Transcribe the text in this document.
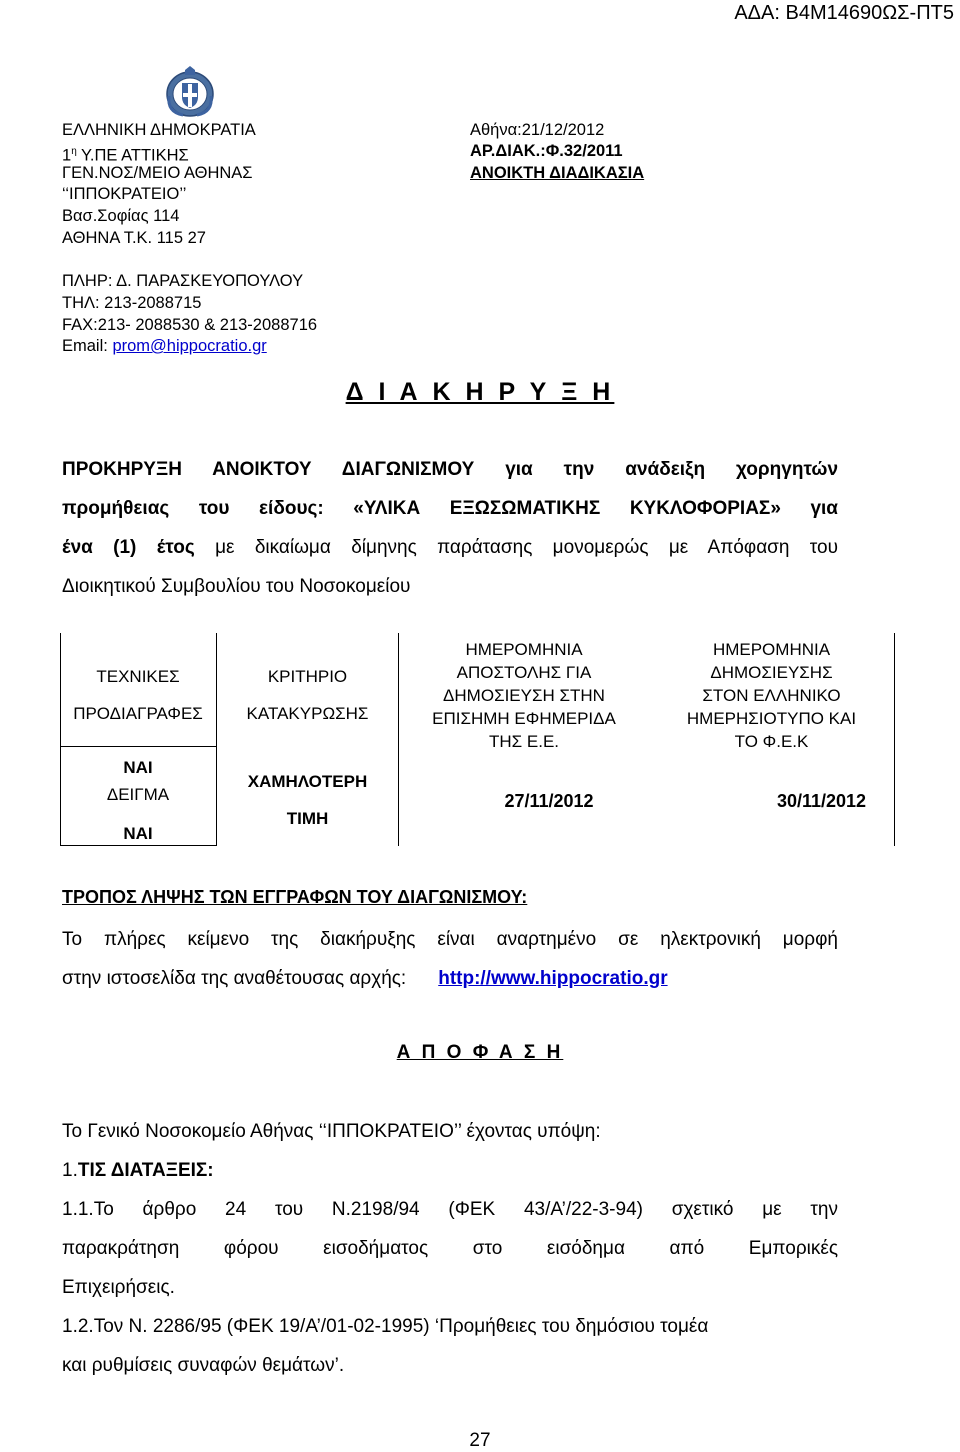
ΑΔΑ: Β4Μ14690ΩΣ-ΠΤ5
ΕΛΛΗΝΙΚΗ ΔΗΜΟΚΡΑΤΙΑ
$1^\eta$ Υ.ΠΕ ΑΤΤΙΚΗΣ
ΓΕΝ.ΝΟΣ/ΜΕΙΟ ΑΘΗΝΑΣ
‘‘ΙΠΠΟΚΡΑΤΕΙΟ’’
Βασ.Σοφίας 114
ΑΘΗΝΑ Τ.Κ. 115 27
ΠΛΗΡ: Δ. ΠΑΡΑΣΚΕΥΟΠΟΥΛΟΥ
ΤΗΛ: 213-2088715
FAX:213- 2088530 & 213-2088716
Email: prom@hippocratio.gr
Αθήνα:21/12/2012
ΑΡ.ΔΙΑΚ.:Φ.32/2011
ΑΝΟΙΚΤΗ ΔΙΑΔΙΚΑΣΙΑ
Δ Ι Α Κ Η Ρ Υ Ξ Η
ΠΡΟΚΗΡΥΞΗ ΑΝΟΙΚΤΟΥ ΔΙΑΓΩΝΙΣΜΟΥ για την ανάδειξη χορηγητών
προμήθειας του είδους: «ΥΛΙΚΑ ΕΞΩΣΩΜΑΤΙΚΗΣ ΚΥΚΛΟΦΟΡΙΑΣ» για
ένα (1) έτος με δικαίωμα δίμηνης παράτασης μονομερώς με Απόφαση του
Διοικητικού Συμβουλίου του Νοσοκομείου
ΤΕΧΝΙΚΕΣ
ΠΡΟΔΙΑΓΡΑΦΕΣ
ΚΡΙΤΗΡΙΟ
ΚΑΤΑΚΥΡΩΣΗΣ
ΗΜΕΡΟΜΗΝΙΑ
ΑΠΟΣΤΟΛΗΣ ΓΙΑ
ΔΗΜΟΣΙΕΥΣΗ ΣΤΗΝ
ΕΠΙΣΗΜΗ ΕΦΗΜΕΡΙΔΑ
ΤΗΣ Ε.Ε.
ΗΜΕΡΟΜΗΝΙΑ
ΔΗΜΟΣΙΕΥΣΗΣ
ΣΤΟΝ ΕΛΛΗΝΙΚΟ
ΗΜΕΡΗΣΙΟΤΥΠΟ ΚΑΙ
ΤΟ Φ.Ε.Κ
ΝΑΙ
ΔΕΙΓΜΑ
ΝΑΙ
ΧΑΜΗΛΟΤΕΡΗ
ΤΙΜΗ
27/11/2012	30/11/2012
ΤΡΟΠΟΣ ΛΗΨΗΣ ΤΩΝ ΕΓΓΡΑΦΩΝ ΤΟΥ ΔΙΑΓΩΝΙΣΜΟΥ:
Το πλήρες κείμενο της διακήρυξης είναι αναρτημένο σε ηλεκτρονική μορφή
στην ιστοσελίδα της αναθέτουσας αρχής: http://www.hippocratio.gr
Α Π Ο Φ Α Σ Η
Το Γενικό Νοσοκομείο Αθήνας ‘‘ΙΠΠΟΚΡΑΤΕΙΟ’’ έχοντας υπόψη:
1.ΤΙΣ ΔΙΑΤΑΞΕΙΣ:
1.1.Το άρθρο 24 του Ν.2198/94 (ΦΕΚ 43/Α’/22-3-94) σχετικό με την
παρακράτηση φόρου εισοδήματος στο εισόδημα από Εμπορικές
Επιχειρήσεις.
1.2.Τον Ν. 2286/95 (ΦΕΚ 19/Α’/01-02-1995) ‘Προμήθειες του δημόσιου τομέα
και ρυθμίσεις συναφών θεμάτων’.
27
